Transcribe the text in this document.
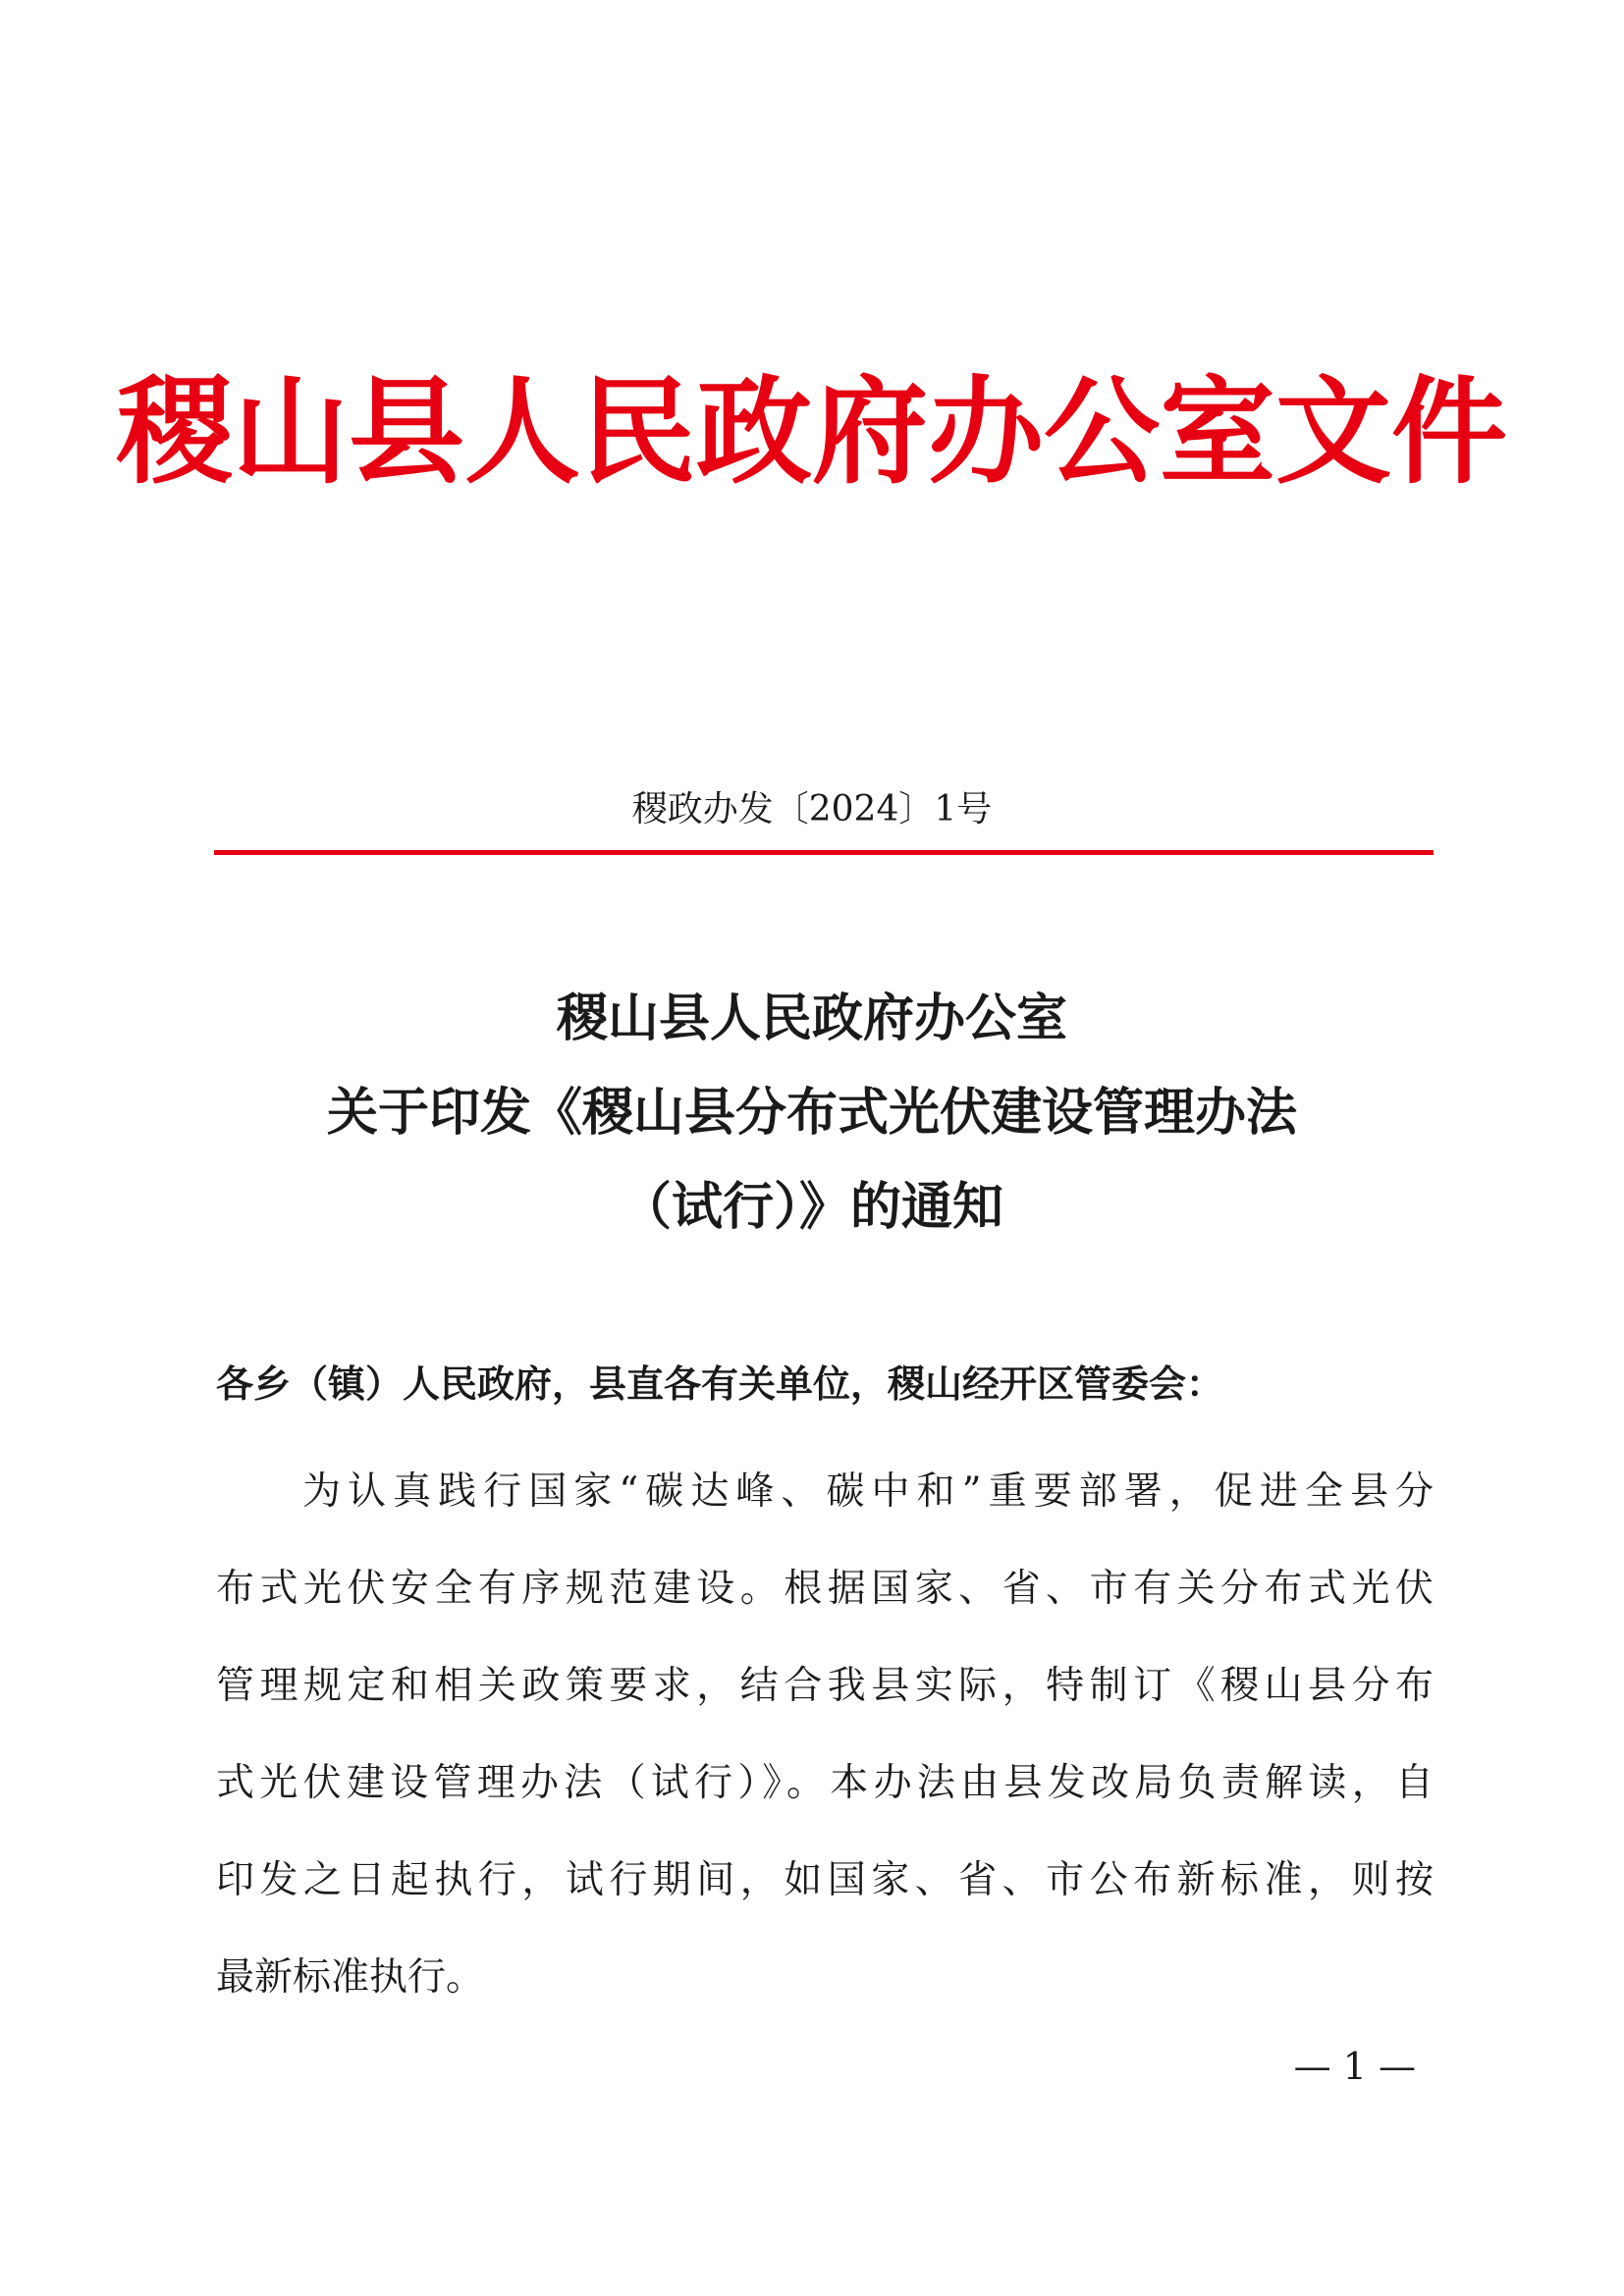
稷山县人民政府办公室文件
稷政办发〔2024〕1号
稷山县人民政府办公室
关于印发《稷山县分布式光伏建设管理办法
（试行）》的通知
各乡（镇）人民政府，县直各有关单位，稷山经开区管委会：
为认真践行国家“碳达峰、碳中和”重要部署，促进全县分
布式光伏安全有序规范建设。根据国家、省、市有关分布式光伏
管理规定和相关政策要求，结合我县实际，特制订《稷山县分布
式光伏建设管理办法（试行）》。本办法由县发改局负责解读，自
印发之日起执行，试行期间，如国家、省、市公布新标准，则按
最新标准执行。
— 1 —
